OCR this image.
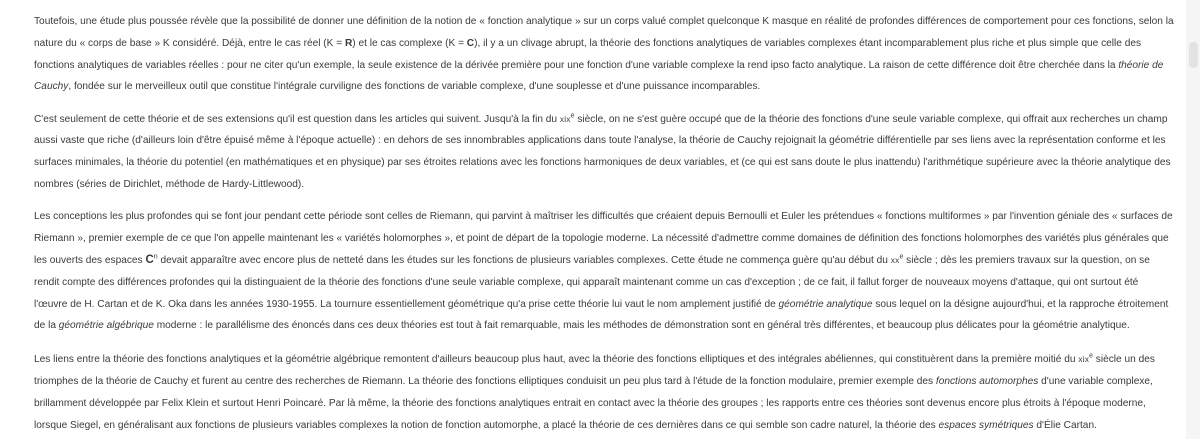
Toutefois, une étude plus poussée révèle que la possibilité de donner une définition de la notion de « fonction analytique » sur un corps valué complet quelconque K masque en réalité de profondes différences de comportement pour ces fonctions, selon la nature du « corps de base » K considéré. Déjà, entre le cas réel (K = R) et le cas complexe (K = C), il y a un clivage abrupt, la théorie des fonctions analytiques de variables complexes étant incomparablement plus riche et plus simple que celle des fonctions analytiques de variables réelles : pour ne citer qu'un exemple, la seule existence de la dérivée première pour une fonction d'une variable complexe la rend ipso facto analytique. La raison de cette différence doit être cherchée dans la théorie de Cauchy, fondée sur le merveilleux outil que constitue l'intégrale curviligne des fonctions de variable complexe, d'une souplesse et d'une puissance incomparables.

C'est seulement de cette théorie et de ses extensions qu'il est question dans les articles qui suivent. Jusqu'à la fin du xix$^e$ siècle, on ne s'est guère occupé que de la théorie des fonctions d'une seule variable complexe, qui offrait aux recherches un champ aussi vaste que riche (d'ailleurs loin d'être épuisé même à l'époque actuelle) : en dehors de ses innombrables applications dans toute l'analyse, la théorie de Cauchy rejoignait la géométrie différentielle par ses liens avec la représentation conforme et les surfaces minimales, la théorie du potentiel (en mathématiques et en physique) par ses étroites relations avec les fonctions harmoniques de deux variables, et (ce qui est sans doute le plus inattendu) l'arithmétique supérieure avec la théorie analytique des nombres (séries de Dirichlet, méthode de Hardy-Littlewood).

Les conceptions les plus profondes qui se font jour pendant cette période sont celles de Riemann, qui parvint à maîtriser les difficultés que créaient depuis Bernoulli et Euler les prétendues « fonctions multiformes » par l'invention géniale des « surfaces de Riemann », premier exemple de ce que l'on appelle maintenant les « variétés holomorphes », et point de départ de la topologie moderne. La nécessité d'admettre comme domaines de définition des fonctions holomorphes des variétés plus générales que les ouverts des espaces $C^n$ devait apparaître avec encore plus de netteté dans les études sur les fonctions de plusieurs variables complexes. Cette étude ne commença guère qu'au début du $xx^e$ siècle ; dès les premiers travaux sur la question, on se rendit compte des différences profondes qui la distinguaient de la théorie des fonctions d'une seule variable complexe, qui apparaît maintenant comme un cas d'exception ; de ce fait, il fallut forger de nouveaux moyens d'attaque, qui ont surtout été l'œuvre de H. Cartan et de K. Oka dans les années 1930-1955. La tournure essentiellement géométrique qu'a prise cette théorie lui vaut le nom amplement justifié de géométrie analytique sous lequel on la désigne aujourd'hui, et la rapproche étroitement de la géométrie algébrique moderne : le parallélisme des énoncés dans ces deux théories est tout à fait remarquable, mais les méthodes de démonstration sont en général très différentes, et beaucoup plus délicates pour la géométrie analytique.

Les liens entre la théorie des fonctions analytiques et la géométrie algébrique remontent d'ailleurs beaucoup plus haut, avec la théorie des fonctions elliptiques et des intégrales abéliennes, qui constituèrent dans la première moitié du xix$^e$ siècle un des triomphes de la théorie de Cauchy et furent au centre des recherches de Riemann. La théorie des fonctions elliptiques conduisit un peu plus tard à l'étude de la fonction modulaire, premier exemple des fonctions automorphes d'une variable complexe, brillamment développée par Felix Klein et surtout Henri Poincaré. Par là même, la théorie des fonctions analytiques entrait en contact avec la théorie des groupes ; les rapports entre ces théories sont devenus encore plus étroits à l'époque moderne, lorsque Siegel, en généralisant aux fonctions de plusieurs variables complexes la notion de fonction automorphe, a placé la théorie de ces dernières dans ce qui semble son cadre naturel, la théorie des espaces symétriques d'Élie Cartan.
